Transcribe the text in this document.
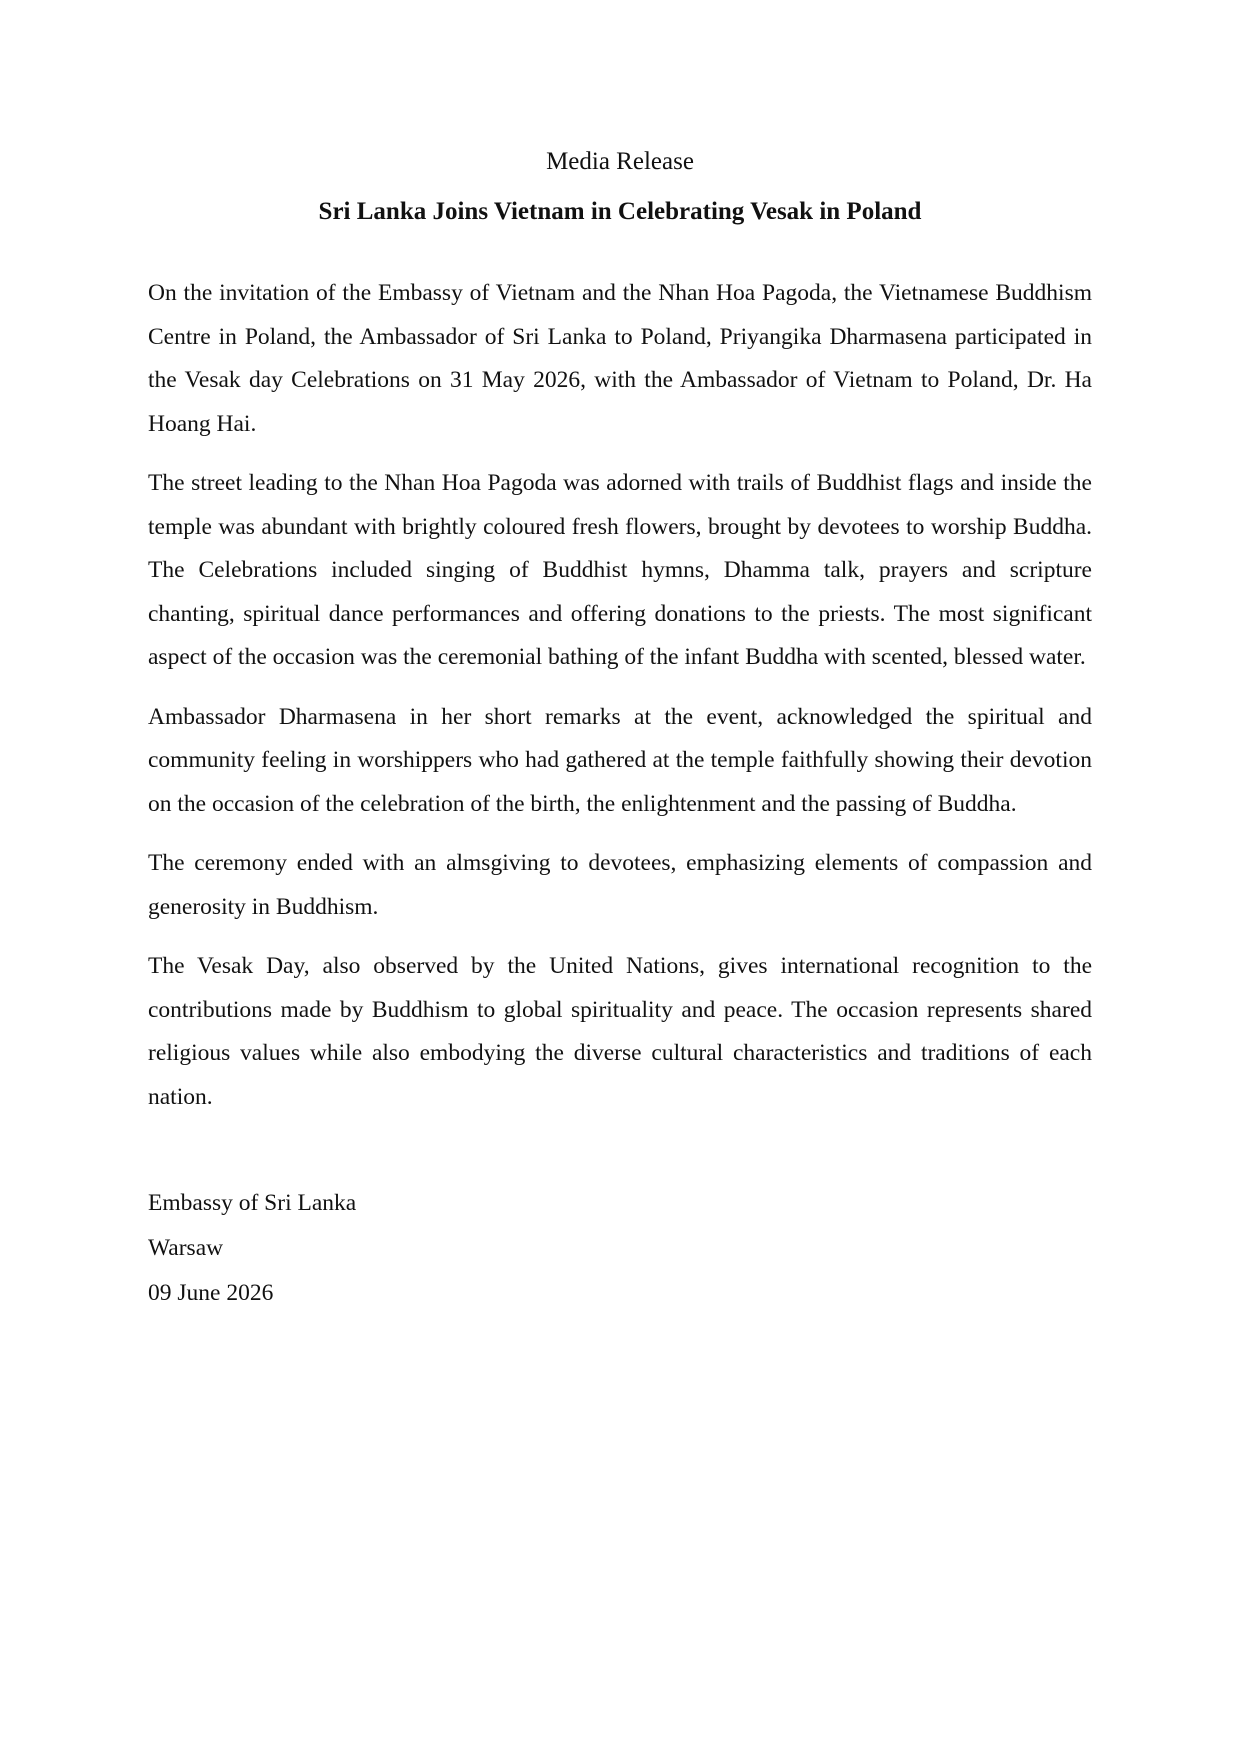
Media Release

Sri Lanka Joins Vietnam in Celebrating Vesak in Poland

On the invitation of the Embassy of Vietnam and the Nhan Hoa Pagoda, the Vietnamese Buddhism Centre in Poland, the Ambassador of Sri Lanka to Poland, Priyangika Dharmasena participated in the Vesak day Celebrations on 31 May 2026, with the Ambassador of Vietnam to Poland, Dr. Ha Hoang Hai.

The street leading to the Nhan Hoa Pagoda was adorned with trails of Buddhist flags and inside the temple was abundant with brightly coloured fresh flowers, brought by devotees to worship Buddha. The Celebrations included singing of Buddhist hymns, Dhamma talk, prayers and scripture chanting, spiritual dance performances and offering donations to the priests. The most significant aspect of the occasion was the ceremonial bathing of the infant Buddha with scented, blessed water.

Ambassador Dharmasena in her short remarks at the event, acknowledged the spiritual and community feeling in worshippers who had gathered at the temple faithfully showing their devotion on the occasion of the celebration of the birth, the enlightenment and the passing of Buddha.

The ceremony ended with an almsgiving to devotees, emphasizing elements of compassion and generosity in Buddhism.

The Vesak Day, also observed by the United Nations, gives international recognition to the contributions made by Buddhism to global spirituality and peace. The occasion represents shared religious values while also embodying the diverse cultural characteristics and traditions of each nation.

Embassy of Sri Lanka
Warsaw
09 June 2026
